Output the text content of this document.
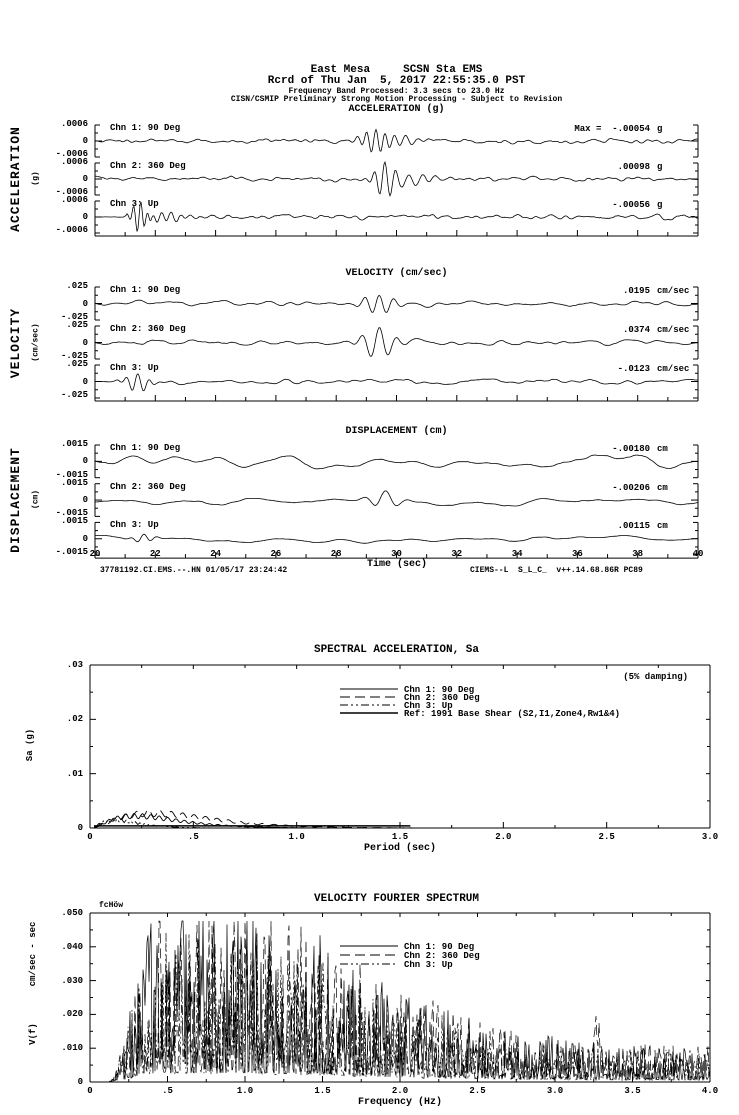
East Mesa     SCSN Sta EMS
Rcrd of Thu Jan  5, 2017 22:55:35.0 PST
Frequency Band Processed: 3.3 secs to 23.0 Hz
CISN/CSMIP Preliminary Strong Motion Processing - Subject to Revision
ACCELERATION (g)
ACCELERATION (g)
.0006
0
-.0006
Chn 1: 90 Deg	Max =  -.00054 g
.0006
0
-.0006
Chn 2: 360 Deg	.00098 g
.0006
0
-.0006
Chn 3: Up	-.00056 g
VELOCITY (cm/sec)
VELOCITY (cm/sec)
.025
0
-.025
Chn 1: 90 Deg	.0195 cm/sec
.025
0
-.025
Chn 2: 360 Deg	.0374 cm/sec
.025
0
-.025
Chn 3: Up	-.0123 cm/sec
DISPLACEMENT (cm)
DISPLACEMENT (cm)
.0015
0
-.0015
Chn 1: 90 Deg	-.00180 cm
.0015
0
-.0015
Chn 2: 360 Deg	-.00206 cm
.0015
0
-.0015
Chn 3: Up	.00115 cm
20	22	24	26	28	30	32	34	36	38	40
Time (sec)
SPECTRAL ACCELERATION, Sa
(5% damping)
Sa (g)
.03
.02
.01
0
0	.5	1.0	1.5	2.0	2.5	3.0
Period (sec)
Chn 1: 90 Deg
Chn 2: 360 Deg
Chn 3: Up
Ref: 1991 Base Shear (S2,I1,Zone4,Rw1&4)
VELOCITY FOURIER SPECTRUM
fcHöw
cm/sec - sec
V(f)
.050
.040
.030
.020
.010
0
0	.5	1.0	1.5	2.0	2.5	3.0	3.5	4.0
Frequency (Hz)
Chn 1: 90 Deg
Chn 2: 360 Deg
Chn 3: Up
37781192.CI.EMS.--.HN 01/05/17 23:24:42	CIEMS--L  S_L_C_  v++.14.68.86R PC89
